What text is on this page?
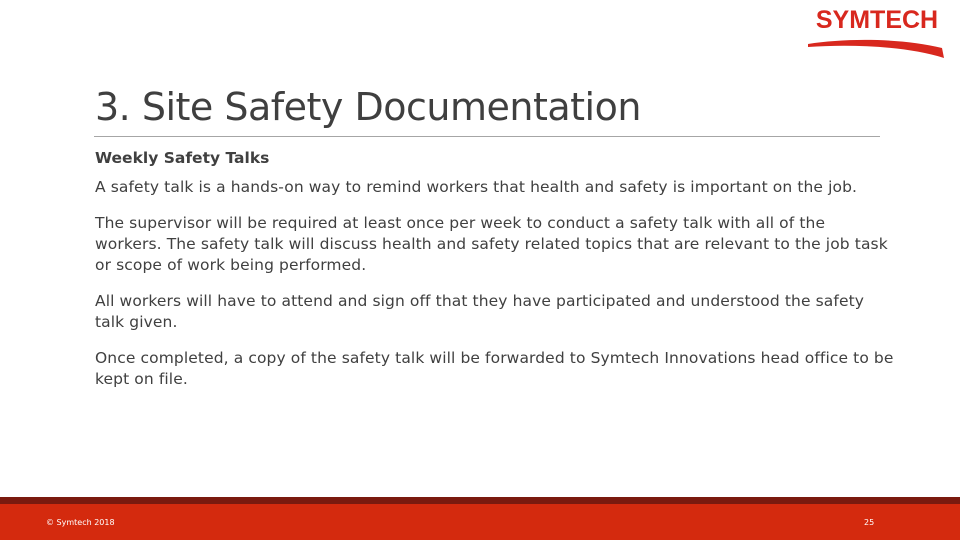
SYMTECH
3. Site Safety Documentation

Weekly Safety Talks

A safety talk is a hands-on way to remind workers that health and safety is important on the job.

The supervisor will be required at least once per week to conduct a safety talk with all of the workers. The safety talk will discuss health and safety related topics that are relevant to the job task or scope of work being performed.

All workers will have to attend and sign off that they have participated and understood the safety talk given.

Once completed, a copy of the safety talk will be forwarded to Symtech Innovations head office to be kept on file.

© Symtech 2018	25
